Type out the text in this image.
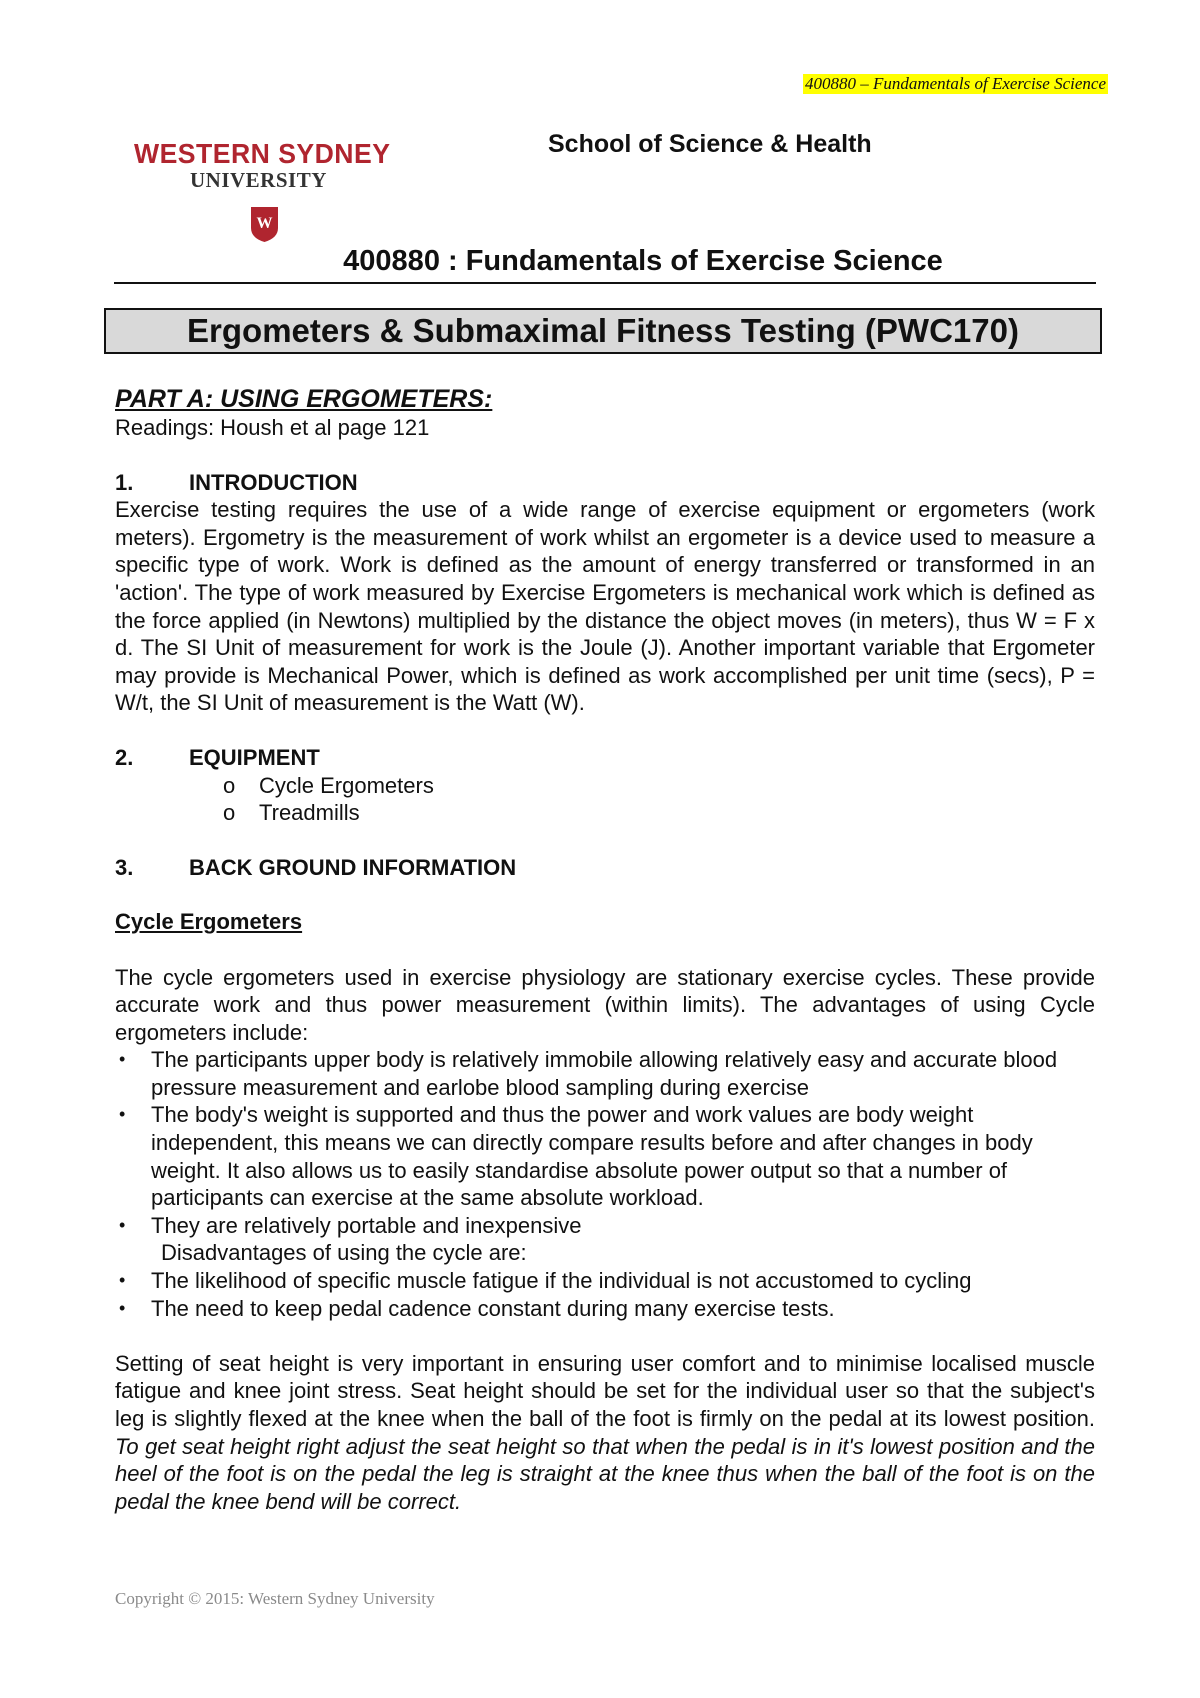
400880 – Fundamentals of Exercise Science
WESTERN SYDNEY
UNIVERSITY
W
School of Science & Health
400880 : Fundamentals of Exercise Science
Ergometers & Submaximal Fitness Testing (PWC170)
PART A: USING ERGOMETERS:

Readings: Housh et al page 121

1.	INTRODUCTION

Exercise testing requires the use of a wide range of exercise equipment or ergometers (work meters). Ergometry is the measurement of work whilst an ergometer is a device used to measure a specific type of work. Work is defined as the amount of energy transferred or transformed in an 'action'. The type of work measured by Exercise Ergometers is mechanical work which is defined as the force applied (in Newtons) multiplied by the distance the object moves (in meters), thus W = F x d. The SI Unit of measurement for work is the Joule (J). Another important variable that Ergometer may provide is Mechanical Power, which is defined as work accomplished per unit time (secs), P = W/t, the SI Unit of measurement is the Watt (W).

2.	EQUIPMENT
o	Cycle Ergometers
o	Treadmills
3.	BACK GROUND INFORMATION
Cycle Ergometers

The cycle ergometers used in exercise physiology are stationary exercise cycles. These provide accurate work and thus power measurement (within limits). The advantages of using Cycle ergometers include:

•	The participants upper body is relatively immobile allowing relatively easy and accurate blood pressure measurement and earlobe blood sampling during exercise
•	The body's weight is supported and thus the power and work values are body weight independent, this means we can directly compare results before and after changes in body weight. It also allows us to easily standardise absolute power output so that a number of participants can exercise at the same absolute workload.
•	They are relatively portable and inexpensive
Disadvantages of using the cycle are:
•	The likelihood of specific muscle fatigue if the individual is not accustomed to cycling
•	The need to keep pedal cadence constant during many exercise tests.

Setting of seat height is very important in ensuring user comfort and to minimise localised muscle fatigue and knee joint stress. Seat height should be set for the individual user so that the subject's leg is slightly flexed at the knee when the ball of the foot is firmly on the pedal at its lowest position. To get seat height right adjust the seat height so that when the pedal is in it's lowest position and the heel of the foot is on the pedal the leg is straight at the knee thus when the ball of the foot is on the pedal the knee bend will be correct.

Copyright © 2015: Western Sydney University
